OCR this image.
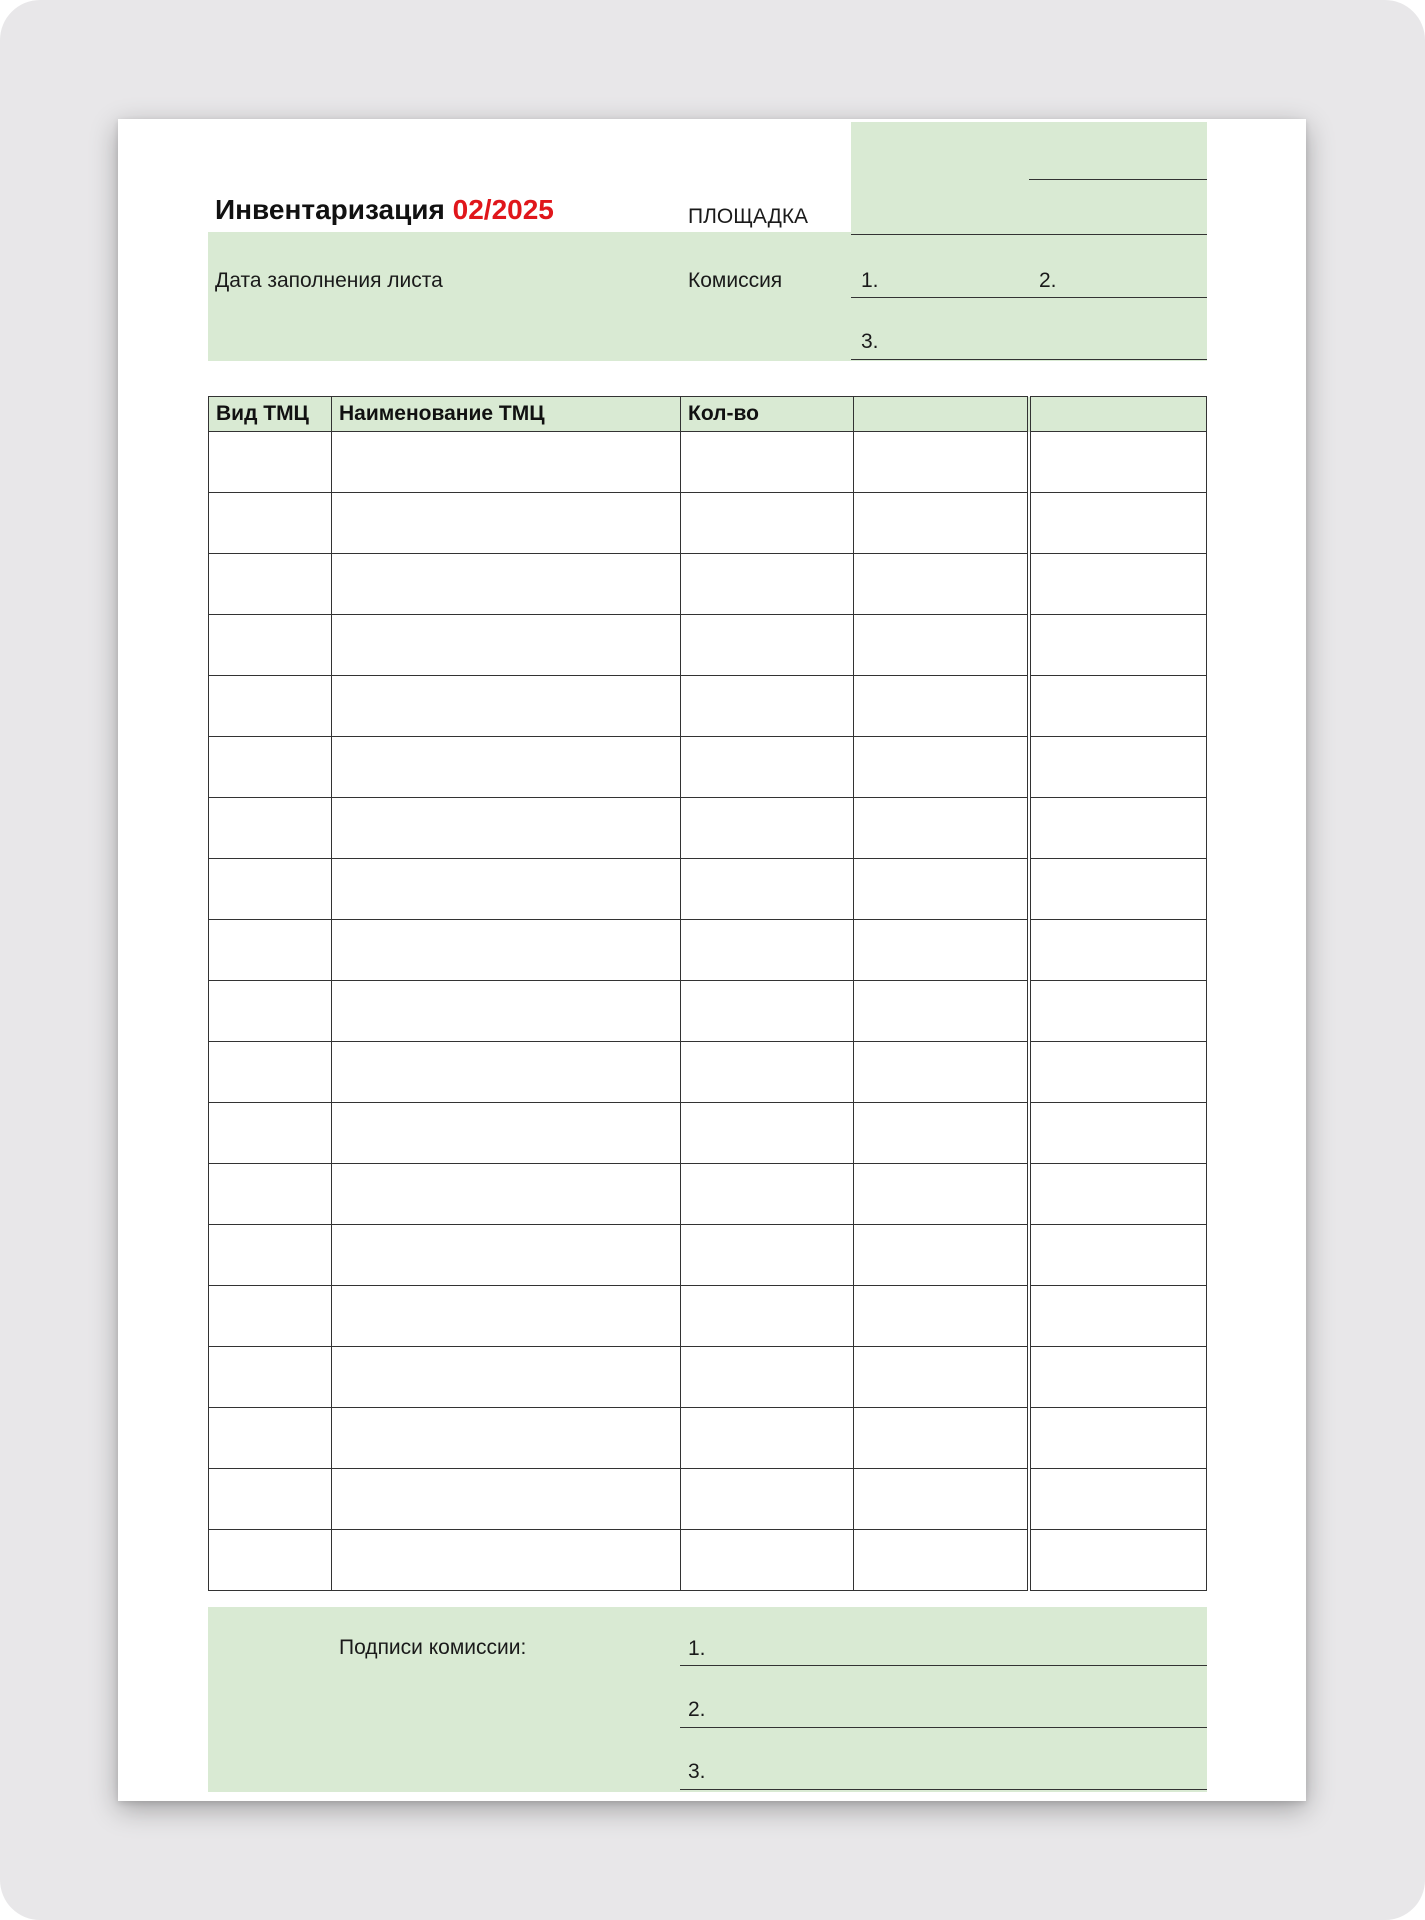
Инвентаризация 02/2025	ПЛОЩАДКА
Дата заполнения листа	Комиссия	1.	2.
3.
Вид ТМЦ	Наименование ТМЦ	Кол-во		

Подписи комиссии:	1.
2.
3.
